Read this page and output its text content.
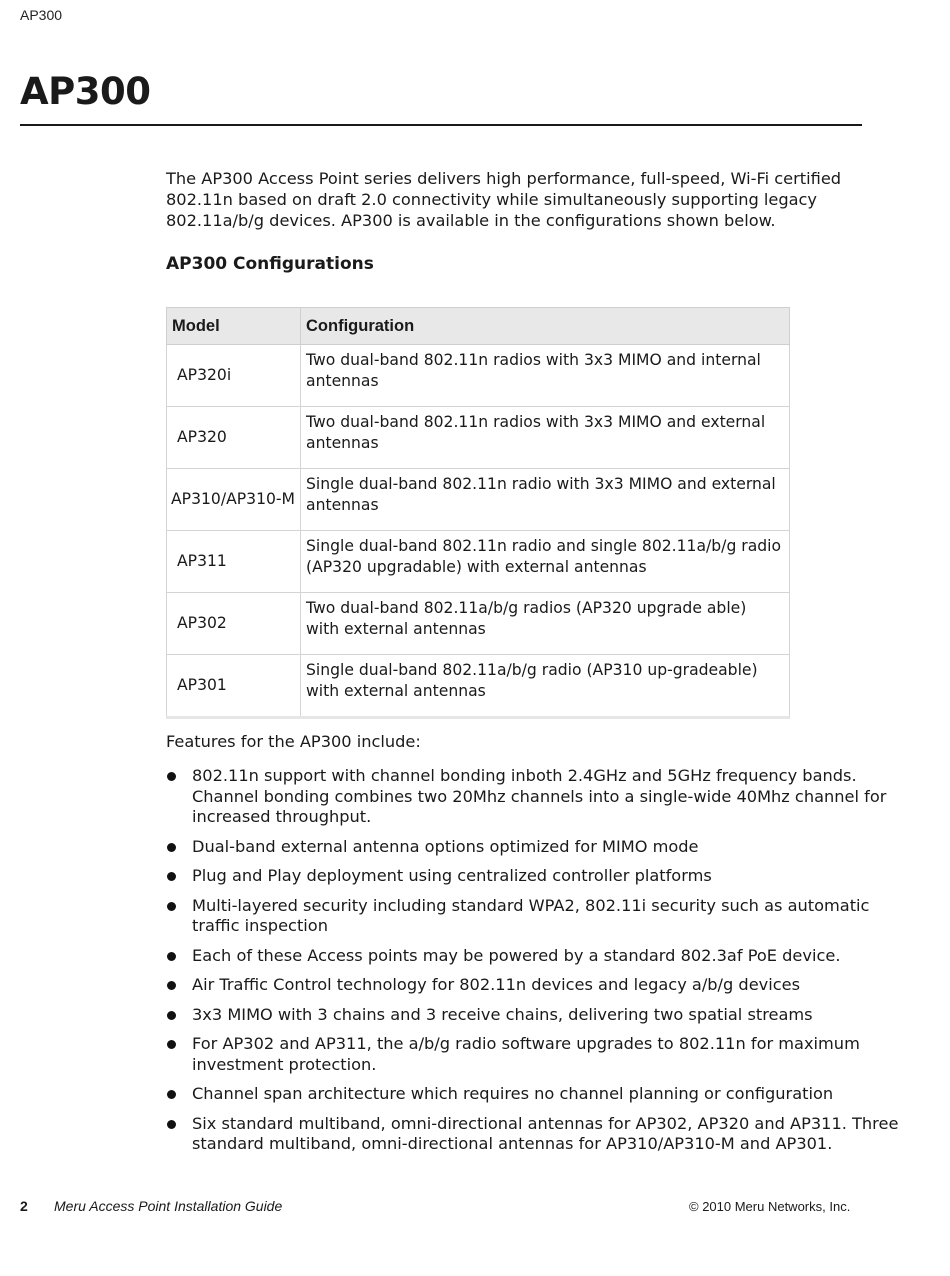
AP300
AP300

The AP300 Access Point series delivers high performance, full-speed, Wi-Fi certified 802.11n based on draft 2.0 connectivity while simultaneously supporting legacy 802.11a/b/g devices. AP300 is available in the configurations shown below.

AP300 Configurations
Model	Configuration
AP320i	Two dual-band 802.11n radios with 3x3 MIMO and internal antennas
AP320	Two dual-band 802.11n radios with 3x3 MIMO and external antennas
AP310/AP310-M	Single dual-band 802.11n radio with 3x3 MIMO and external antennas
AP311	Single dual-band 802.11n radio and single 802.11a/b/g radio (AP320 upgradable) with external antennas
AP302	Two dual-band 802.11a/b/g radios (AP320 upgrade able) with external antennas
AP301	Single dual-band 802.11a/b/g radio (AP310 up-gradeable) with external antennas

Features for the AP300 include:

802.11n support with channel bonding inboth 2.4GHz and 5GHz frequency bands. Channel bonding combines two 20Mhz channels into a single-wide 40Mhz channel for increased throughput.
Dual-band external antenna options optimized for MIMO mode
Plug and Play deployment using centralized controller platforms
Multi-layered security including standard WPA2, 802.11i security such as automatic traffic inspection
Each of these Access points may be powered by a standard 802.3af PoE device.
Air Traffic Control technology for 802.11n devices and legacy a/b/g devices
3x3 MIMO with 3 chains and 3 receive chains, delivering two spatial streams
For AP302 and AP311, the a/b/g radio software upgrades to 802.11n for maximum investment protection.
Channel span architecture which requires no channel planning or configuration
Six standard multiband, omni-directional antennas for AP302, AP320 and AP311. Three standard multiband, omni-directional antennas for AP310/AP310-M and AP301.
2 Meru Access Point Installation Guide	© 2010 Meru Networks, Inc.
